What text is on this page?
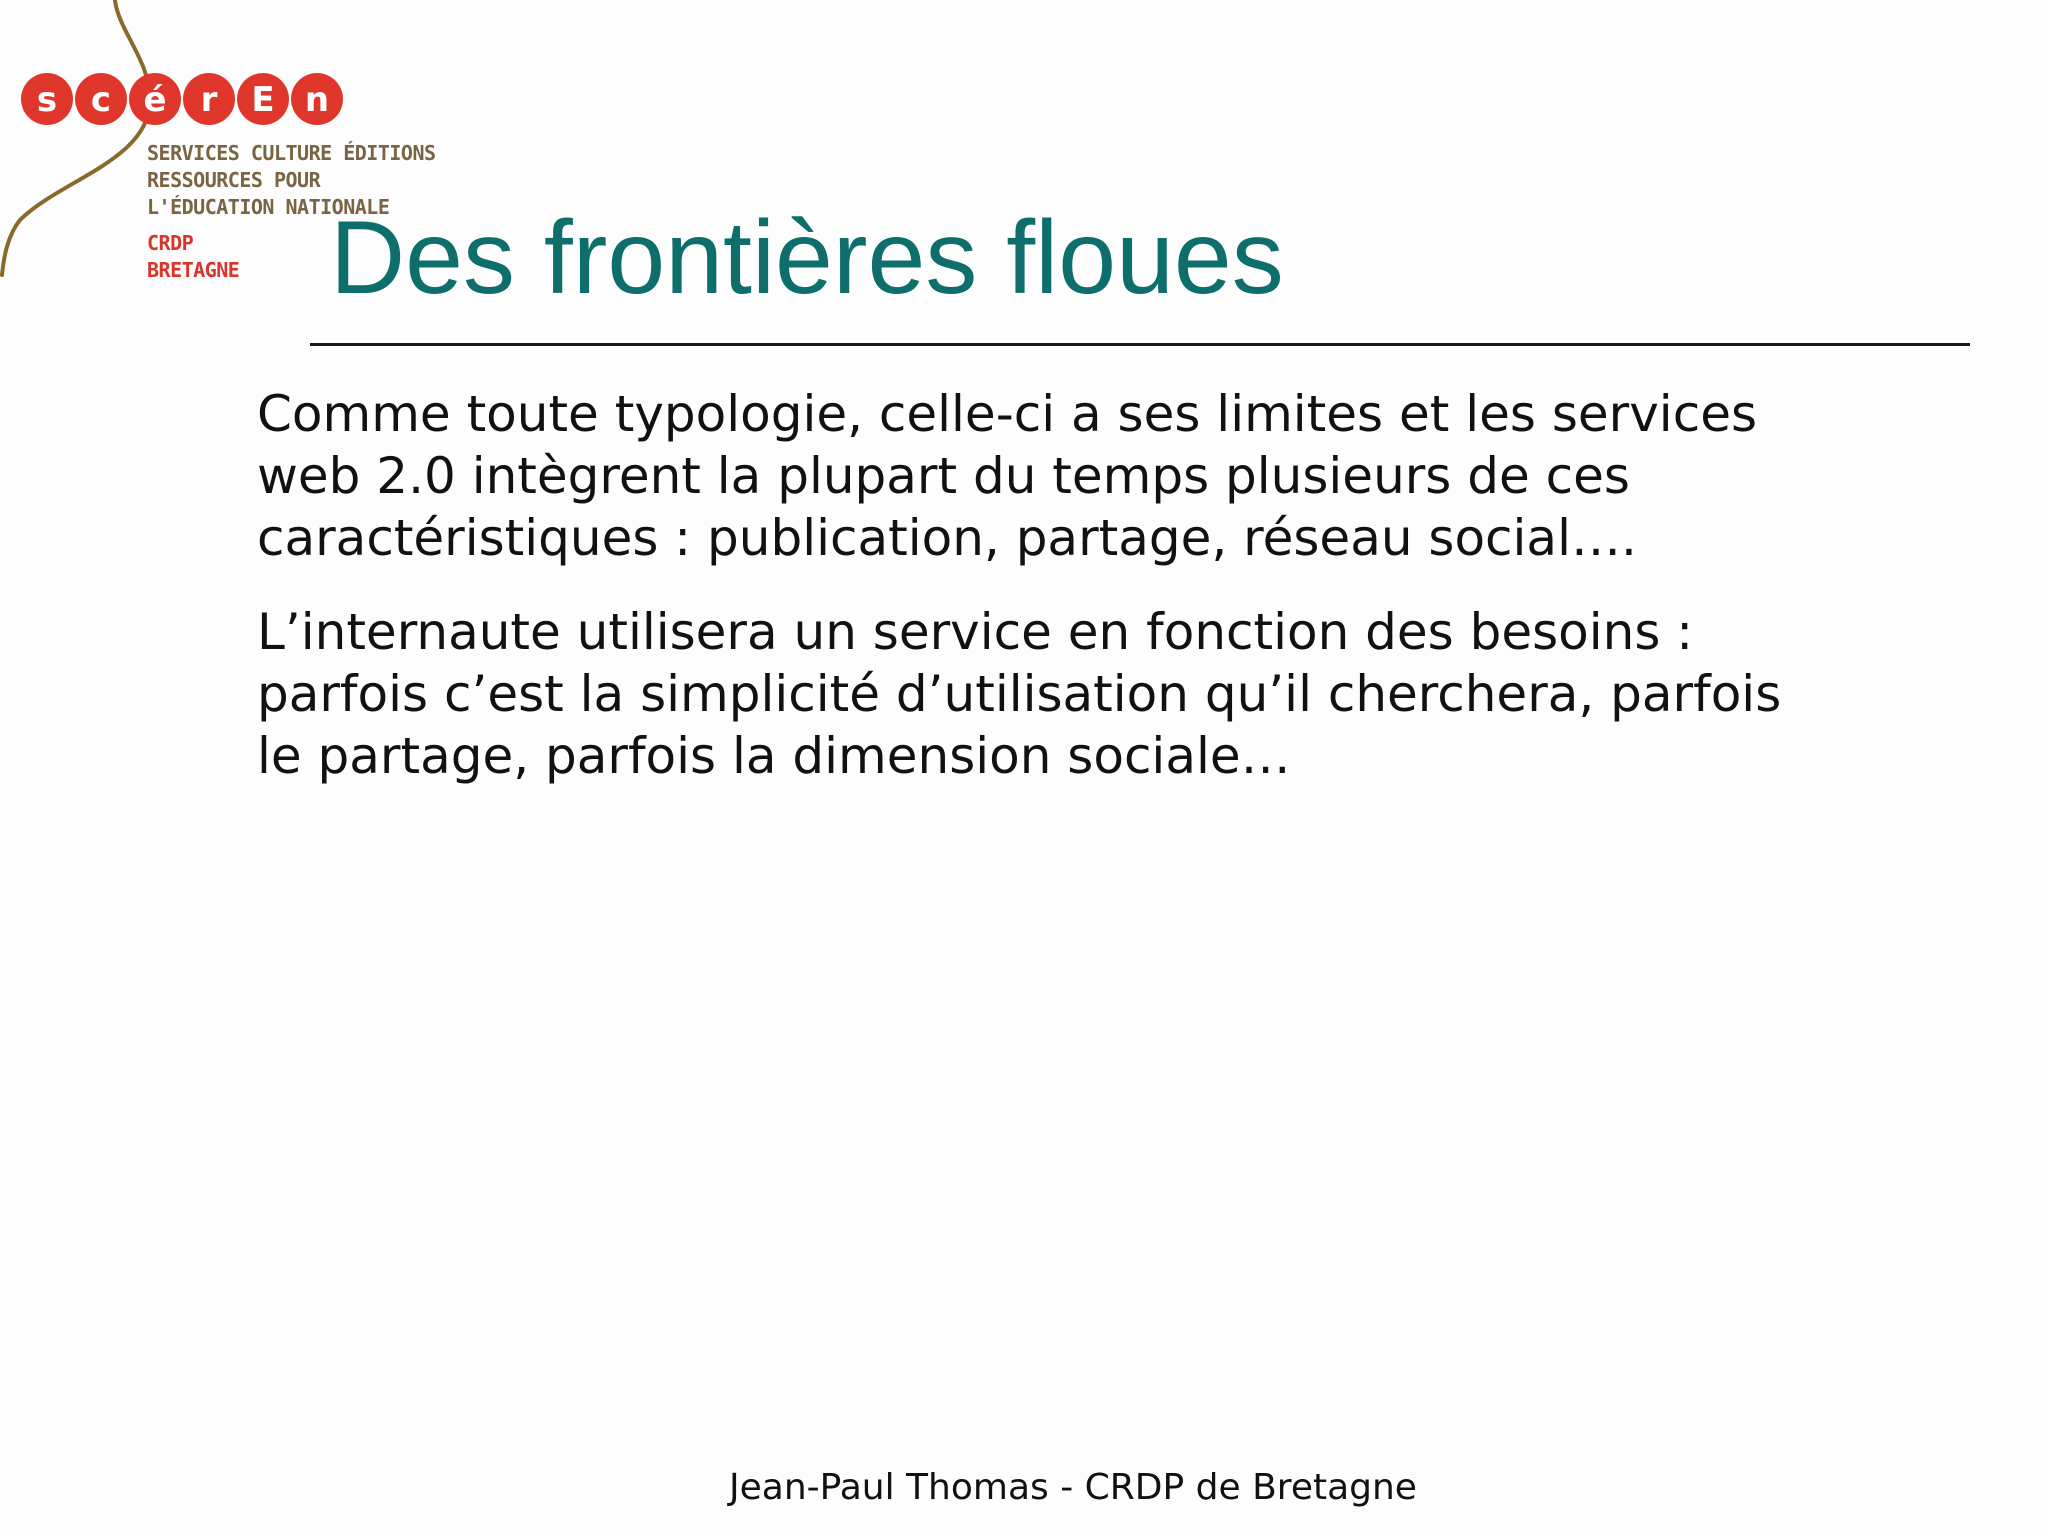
s c é r E n
SERVICES CULTURE ÉDITIONS
RESSOURCES POUR
L'ÉDUCATION NATIONALE
CRDP
BRETAGNE Des frontières floues

Comme toute typologie, celle-ci a ses limites et les services
web 2.0 intègrent la plupart du temps plusieurs de ces
caractéristiques : publication, partage, réseau social….

L’internaute utilisera un service en fonction des besoins :
parfois c’est la simplicité d’utilisation qu’il cherchera, parfois
le partage, parfois la dimension sociale…

Jean-Paul Thomas - CRDP de Bretagne
